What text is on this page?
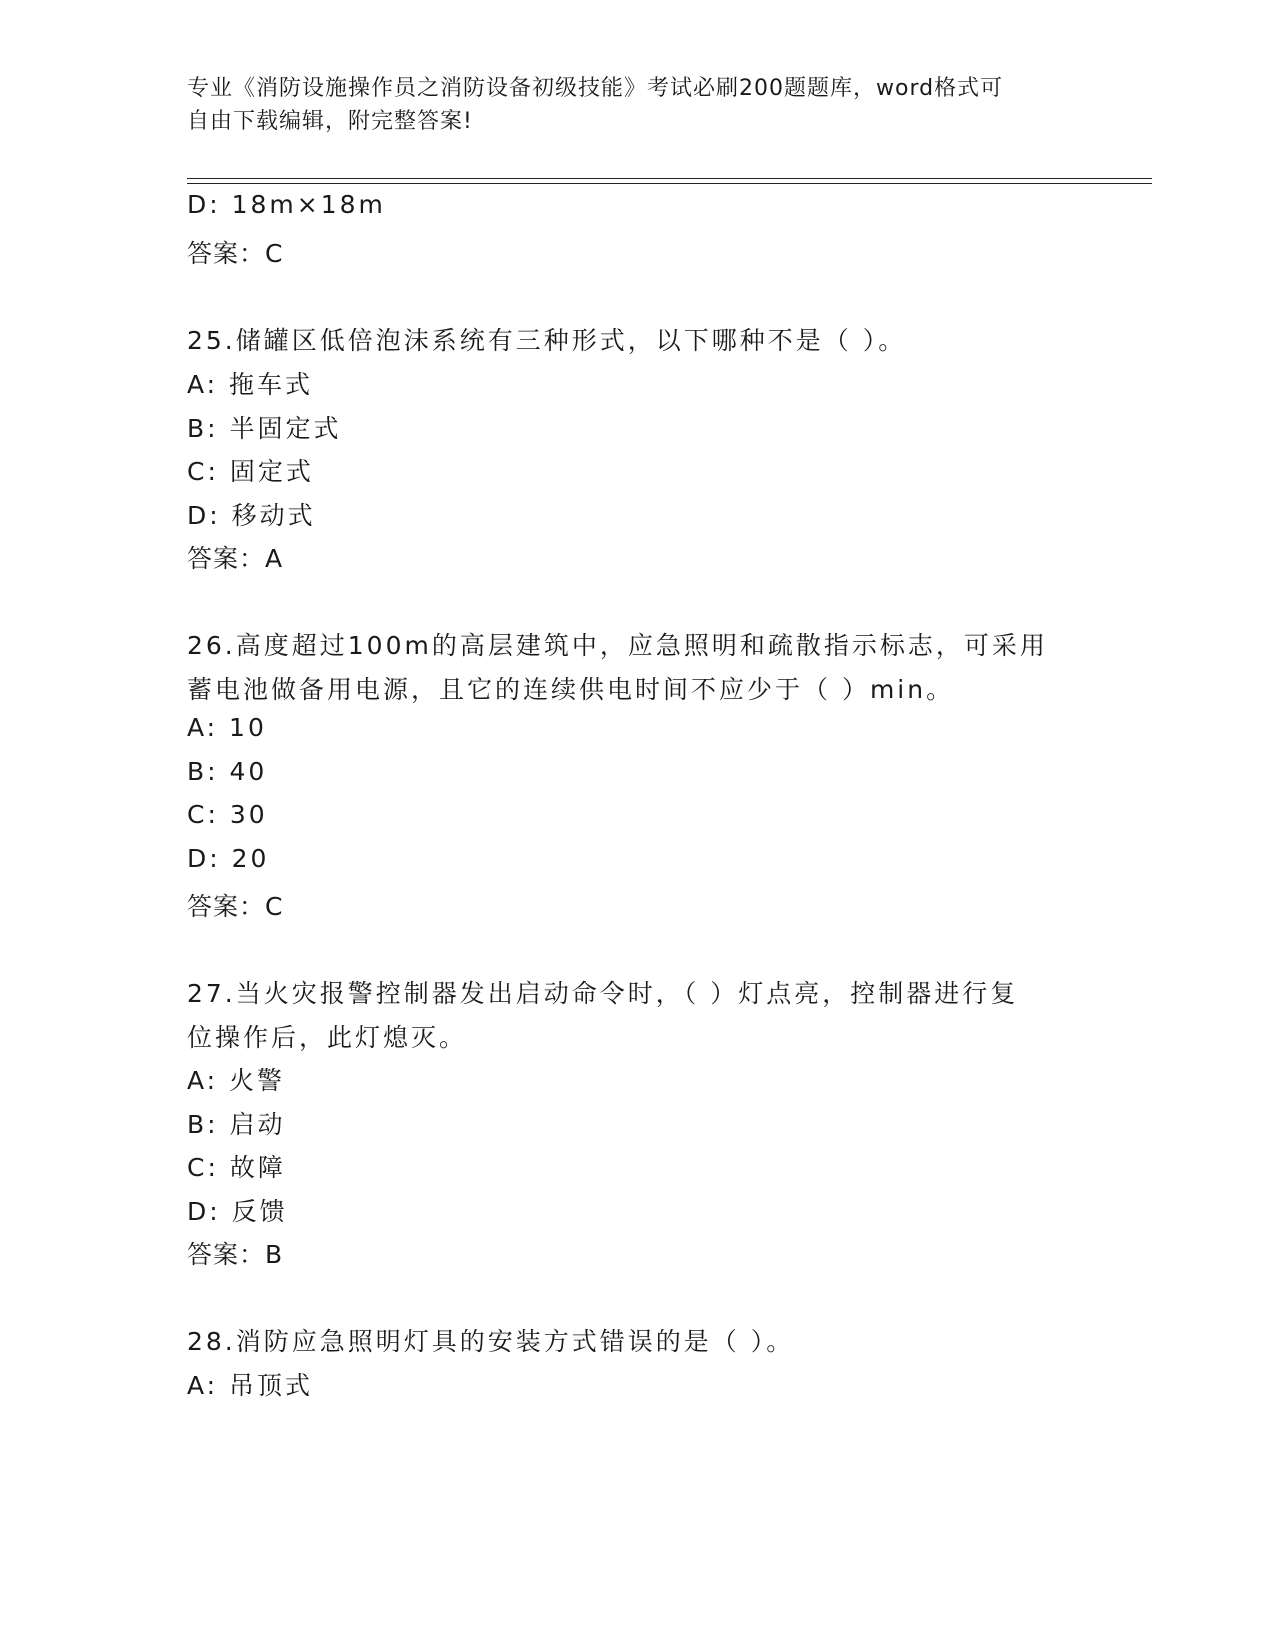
专业《消防设施操作员之消防设备初级技能》考试必刷200题题库，word格式可
自由下载编辑，附完整答案!
D: 18m×18m
答案：C
25.储罐区低倍泡沫系统有三种形式，以下哪种不是（ ）。
A: 拖车式
B: 半固定式
C: 固定式
D: 移动式
答案：A
26.高度超过100m的高层建筑中，应急照明和疏散指示标志，可采用
蓄电池做备用电源，且它的连续供电时间不应少于（ ）min。
A: 10
B: 40
C: 30
D: 20
答案：C
27.当火灾报警控制器发出启动命令时，（ ）灯点亮，控制器进行复
位操作后，此灯熄灭。
A: 火警
B: 启动
C: 故障
D: 反馈
答案：B
28.消防应急照明灯具的安装方式错误的是（ ）。
A: 吊顶式
